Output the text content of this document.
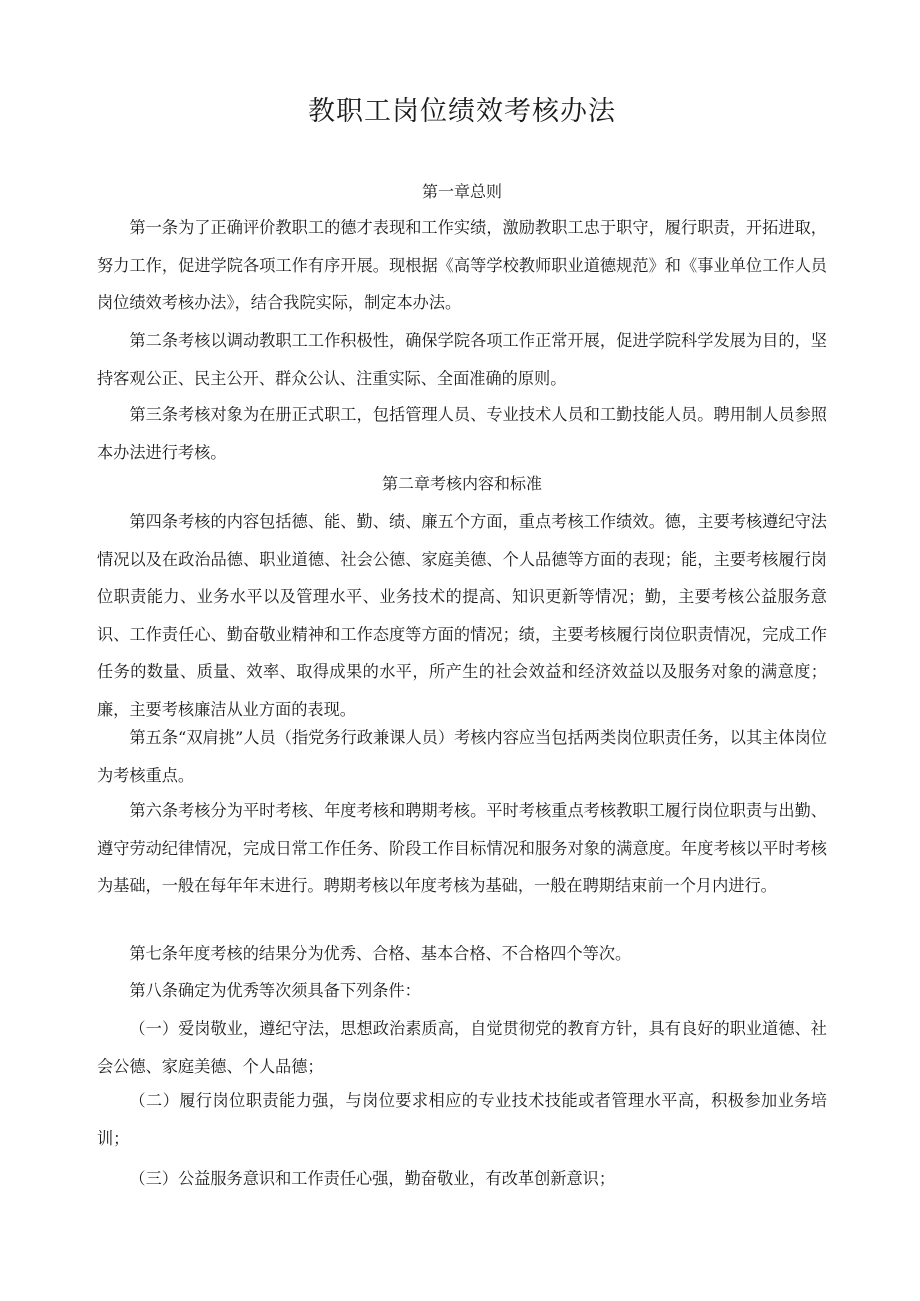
教职工岗位绩效考核办法
第一章总则
第一条为了正确评价教职工的德才表现和工作实绩，激励教职工忠于职守，履行职责，开拓进取，努力工作，促进学院各项工作有序开展。现根据《高等学校教师职业道德规范》和《事业单位工作人员岗位绩效考核办法》，结合我院实际，制定本办法。
第二条考核以调动教职工工作积极性，确保学院各项工作正常开展，促进学院科学发展为目的，坚持客观公正、民主公开、群众公认、注重实际、全面准确的原则。
第三条考核对象为在册正式职工，包括管理人员、专业技术人员和工勤技能人员。聘用制人员参照本办法进行考核。
第二章考核内容和标准
第四条考核的内容包括德、能、勤、绩、廉五个方面，重点考核工作绩效。德，主要考核遵纪守法情况以及在政治品德、职业道德、社会公德、家庭美德、个人品德等方面的表现；能，主要考核履行岗位职责能力、业务水平以及管理水平、业务技术的提高、知识更新等情况；勤，主要考核公益服务意识、工作责任心、勤奋敬业精神和工作态度等方面的情况；绩，主要考核履行岗位职责情况，完成工作任务的数量、质量、效率、取得成果的水平，所产生的社会效益和经济效益以及服务对象的满意度；廉，主要考核廉洁从业方面的表现。
第五条“双肩挑”人员（指党务行政兼课人员）考核内容应当包括两类岗位职责任务，以其主体岗位为考核重点。
第六条考核分为平时考核、年度考核和聘期考核。平时考核重点考核教职工履行岗位职责与出勤、遵守劳动纪律情况，完成日常工作任务、阶段工作目标情况和服务对象的满意度。年度考核以平时考核为基础，一般在每年年末进行。聘期考核以年度考核为基础，一般在聘期结束前一个月内进行。
第七条年度考核的结果分为优秀、合格、基本合格、不合格四个等次。
第八条确定为优秀等次须具备下列条件：
（一）爱岗敬业，遵纪守法，思想政治素质高，自觉贯彻党的教育方针，具有良好的职业道德、社会公德、家庭美德、个人品德；
（二）履行岗位职责能力强，与岗位要求相应的专业技术技能或者管理水平高，积极参加业务培训；
（三）公益服务意识和工作责任心强，勤奋敬业，有改革创新意识；
